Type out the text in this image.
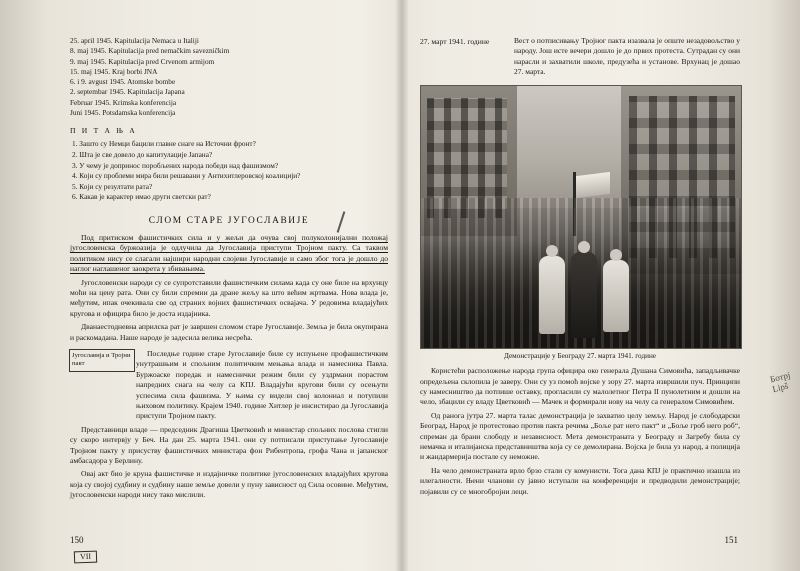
25. april 1945. Kapitulacija Nemaca u Italiji
8. maj 1945. Kapitulacija pred nemačkim savezničkim
9. maj 1945. Kapitulacija pred Crvenom armijom
15. maj 1945. Kraj borbi JNA
6. i 9. avgust 1945. Atomske bombe
2. septembar 1945. Kapitulacija Japana
Februar 1945. Krimska konferencija
Juni 1945. Potsdamska konferencija
П И Т А Њ А
1. Зашто су Немци бацили главне снаге на Источни фронт?
2. Шта је све довело до капитулације Јапана?
3. У чему је допринос поробљених народа победи над фашизмом?
4. Који су проблеми мира били решавани у Антихитлеровској коалицији?
5. Који су резултати рата?
6. Какав је карактер имао други светски рат?
СЛОМ СТАРЕ ЈУГОСЛАВИЈЕ

Под притиском фашистичких сила и у жељи да очува свој полуколонијални положај југословенска буржоазија је одлучила да Југославија приступи Тројном пакту. Са таквом политиком нису се слагали најшири народни слојеви Југославије и само због тога је дошло до наглог наглашеног заокрета у збивањима.

Југословенски народи су се супротставили фашистичким силама када су оне биле на врхунцу моћи на цену рата. Они су били спремни да дране жељу ка што већим жртвама. Нова влада је, међутим, ипак очекивала све од страних војних фашистичких освајача. У редовима владајућих кругова и официра било је доста издајника.

Дванаестодневна априлска рат је завршен сломом старе Југославије. Земља је била окупирана и раскомадана. Наше народе је задесила велика несрећа.

Југославија и Тројни пакт

Последње године старе Југославије биле су испуњене профашистичким унутрашњим и спољним политичким мењања влада и намесника Павла. Буржоаске поредак и намеснички режим били су уздрмани порастом напредних снага на челу са КПЈ. Владајући кругови били су осењути успесима сила фашизма. У њима су видели свој колониал и потупили њиховом политику. Крајем 1940. године Хитлер је инсистирао да Југославија приступи Тројном пакту.

Представници владе — председник Драгиша Цветковић и министар спољних послова стигли су скоро интервју у Беч. На дан 25. марта 1941. они су потписали приступање Југославије Тројном пакту у присуству фашистичких министара фон Рибентропа, грофа Чана и јапанског амбасадора у Берлину.

Овај акт био је круна фашистичке и издајничке политике југословенских владајућих кругова која су својој судбину и судбину наше земље довели у пуну зависност од Сила осовине. Међутим, југословенски народи нису тако мислили.

150
VII
27. март 1941. године	Вест о потписивању Тројног пакта изазвала је опште незадовољство у народу. Још исте вечери дошло је до првих протеста. Сутрадан су они нарасли и захватили школе, предузећа и установе. Врхунац је дошао 27. марта.
Демонстрације у Београду 27. марта 1941. године

Користећи расположење народа група официра око генерала Душана Симовића, западљивачке опредељена склопила је заверу. Они су уз помоћ војске у зору 27. марта извршили пуч. Принципи су намесништво да потпише оставку, прогласили су малолетног Петра II пунолетним и дошли на чело, збацили су владу Цветковић — Мачек и формирали нову на челу са генералом Симовићем.

Од ранога јутра 27. марта талас демонстрација је захватио целу земљу. Народ је слободарски Београд, Народ је протестовао против пакта речима „Боље рат него пакт“ и „Боље гроб него роб“, спреман да брани слободу и независност. Мета демонстраната у Београду и Загребу била су немачка и италијанска представништва која су се демолирана. Војска је била уз народ, а полиција и жандармерија постале су неможне.

На чело демонстраната врло брзо стали су комунисти. Тога дана КПЈ је практично изашла из илегалности. Њени чланови су јавно иступали на конференцији и предводили демонстрације; појавили су се многобројни леци.

Ботрј
Lipš
151
